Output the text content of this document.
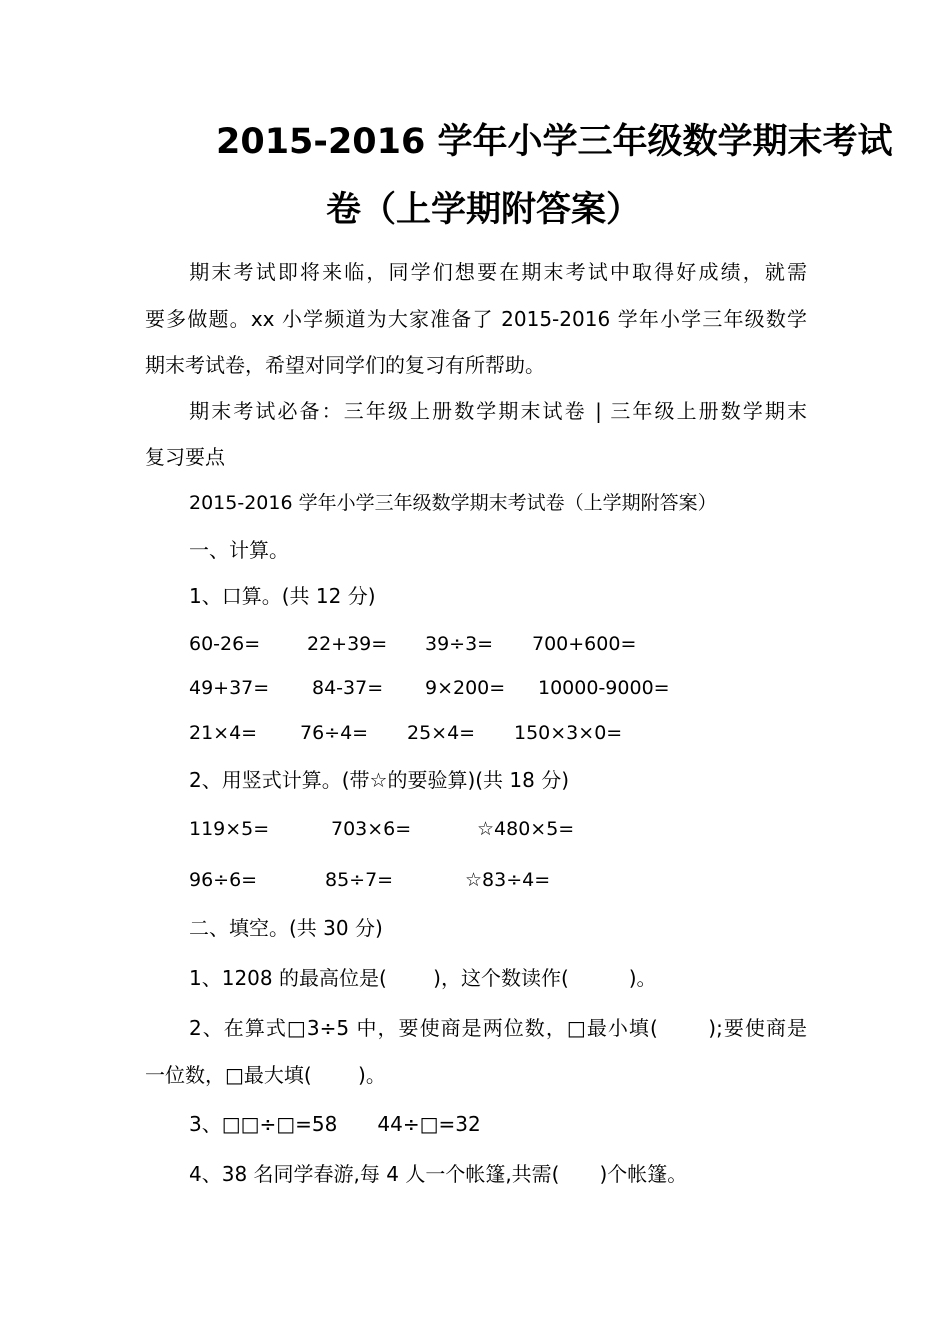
2015-2016 学年小学三年级数学期末考试
卷（上学期附答案）
　　期末考试即将来临，同学们想要在期末考试中取得好成绩，就需
要多做题。xx 小学频道为大家准备了 2015-2016 学年小学三年级数学
期末考试卷，希望对同学们的复习有所帮助。
　　期末考试必备：三年级上册数学期末试卷 | 三年级上册数学期末
复习要点
2015-2016 学年小学三年级数学期末考试卷（上学期附答案）
一、计算。
1、口算。(共 12 分)
60-26= 22+39= 39÷3= 700+600=
49+37= 84-37= 9×200= 10000-9000=
21×4= 76÷4= 25×4= 150×3×0=
2、用竖式计算。(带☆的要验算)(共 18 分)
119×5=	703×6=	☆480×5=
96÷6=	85÷7=	☆83÷4=
二、填空。(共 30 分)
1、1208 的最高位是(　　 )，这个数读作(　　　)。
2、在算式□3÷5 中，要使商是两位数，□最小填(　　 );要使商是
一位数，□最大填(　　 )。
3、□□÷□=58　　44÷□=32
4、38 名同学春游,每 4 人一个帐篷,共需(　　)个帐篷。
